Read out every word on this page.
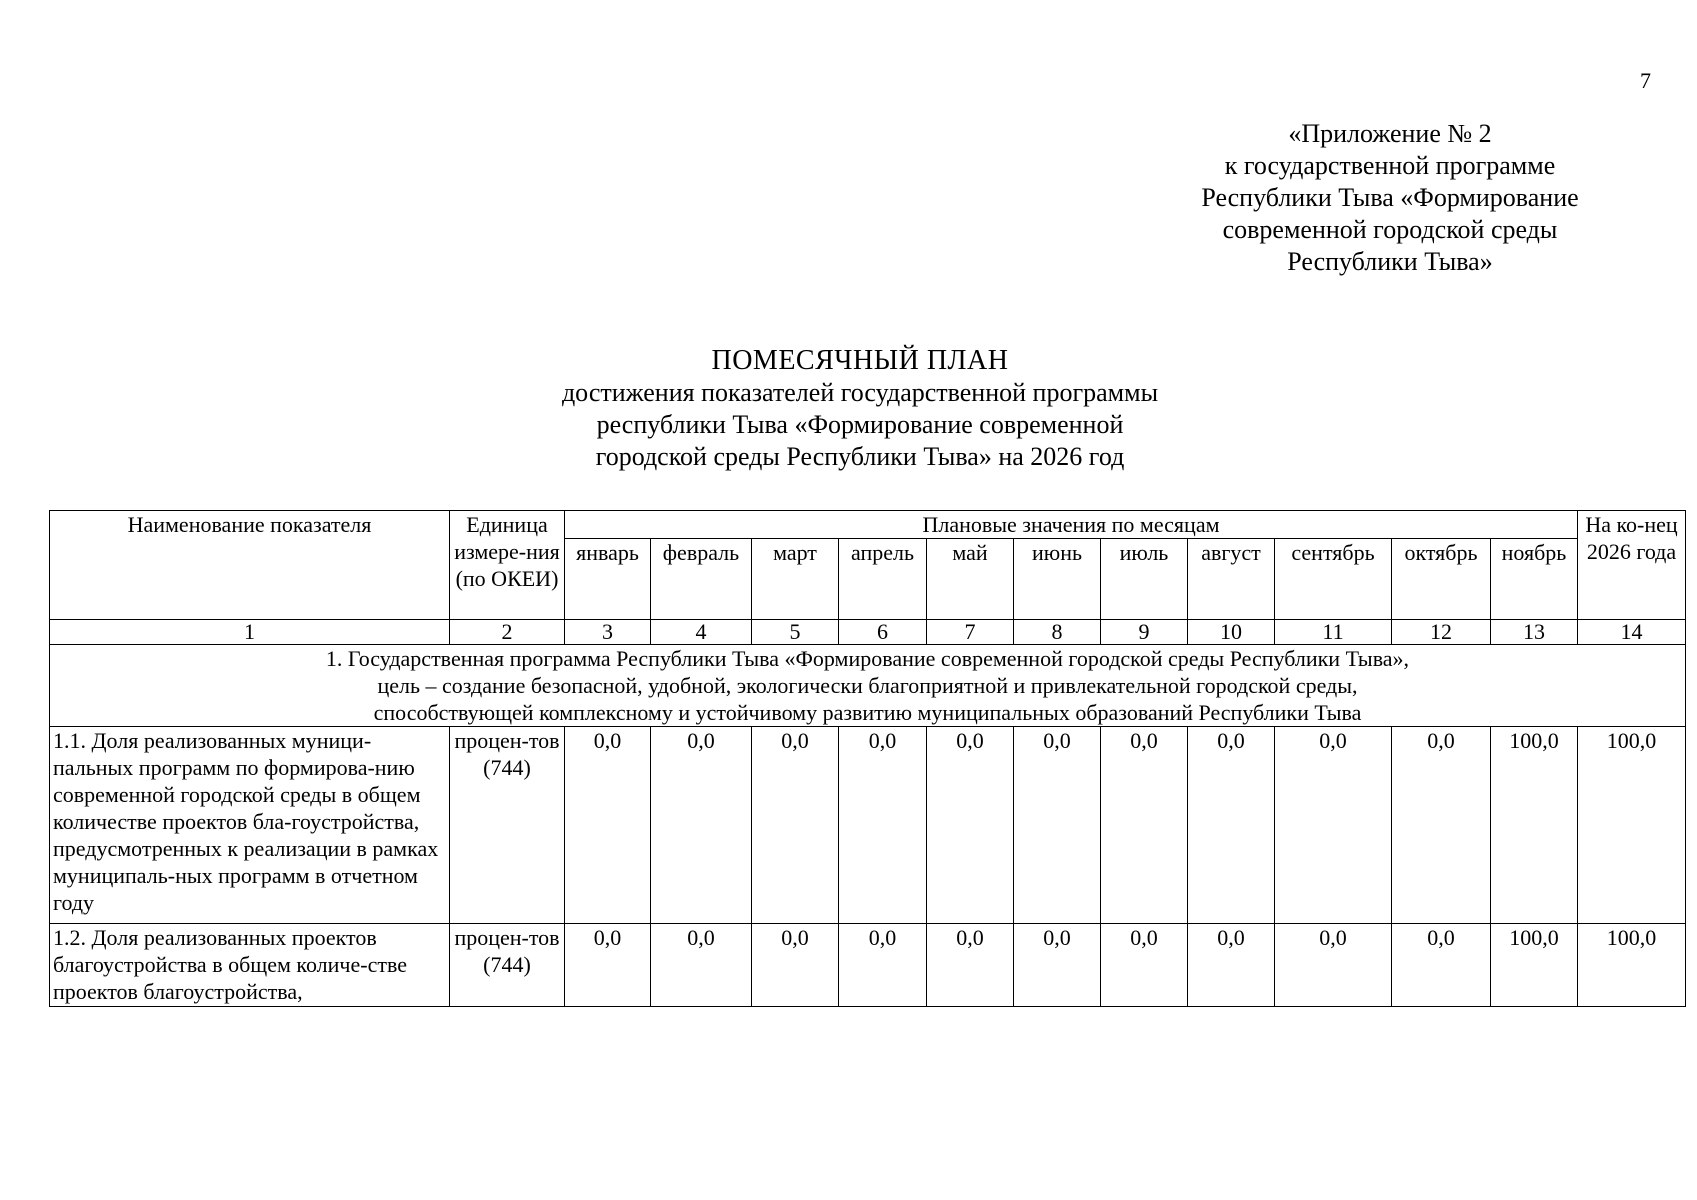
7
«Приложение № 2
к государственной программе
Республики Тыва «Формирование
современной городской среды
Республики Тыва»
ПОМЕСЯЧНЫЙ ПЛАН
достижения показателей государственной программы
республики Тыва «Формирование современной
городской среды Республики Тыва» на 2026 год
Наименование показателя	Единица измере-ния (по ОКЕИ)	Плановые значения по месяцам											На ко-нец 2026 года
		январь	февраль	март	апрель	май	июнь	июль	август	сентябрь	октябрь	ноябрь	
1	2	3	4	5	6	7	8	9	10	11	12	13	14

1. Государственная программа Республики Тыва «Формирование современной городской среды Республики Тыва»,
цель – создание безопасной, удобной, экологически благоприятной и привлекательной городской среды,
способствующей комплексному и устойчивому развитию муниципальных образований Республики Тыва													

1.1. Доля реализованных муници-пальных программ по формирова-нию современной городской среды в общем количестве проектов бла-гоустройства, предусмотренных к реализации в рамках муниципаль-ных программ в отчетном году	процен-тов (744)	0,0	0,0	0,0	0,0	0,0	0,0	0,0	0,0	0,0	0,0	100,0	100,0
1.2. Доля реализованных проектов благоустройства в общем количе-стве проектов благоустройства,	процен-тов (744)	0,0	0,0	0,0	0,0	0,0	0,0	0,0	0,0	0,0	0,0	100,0	100,0
